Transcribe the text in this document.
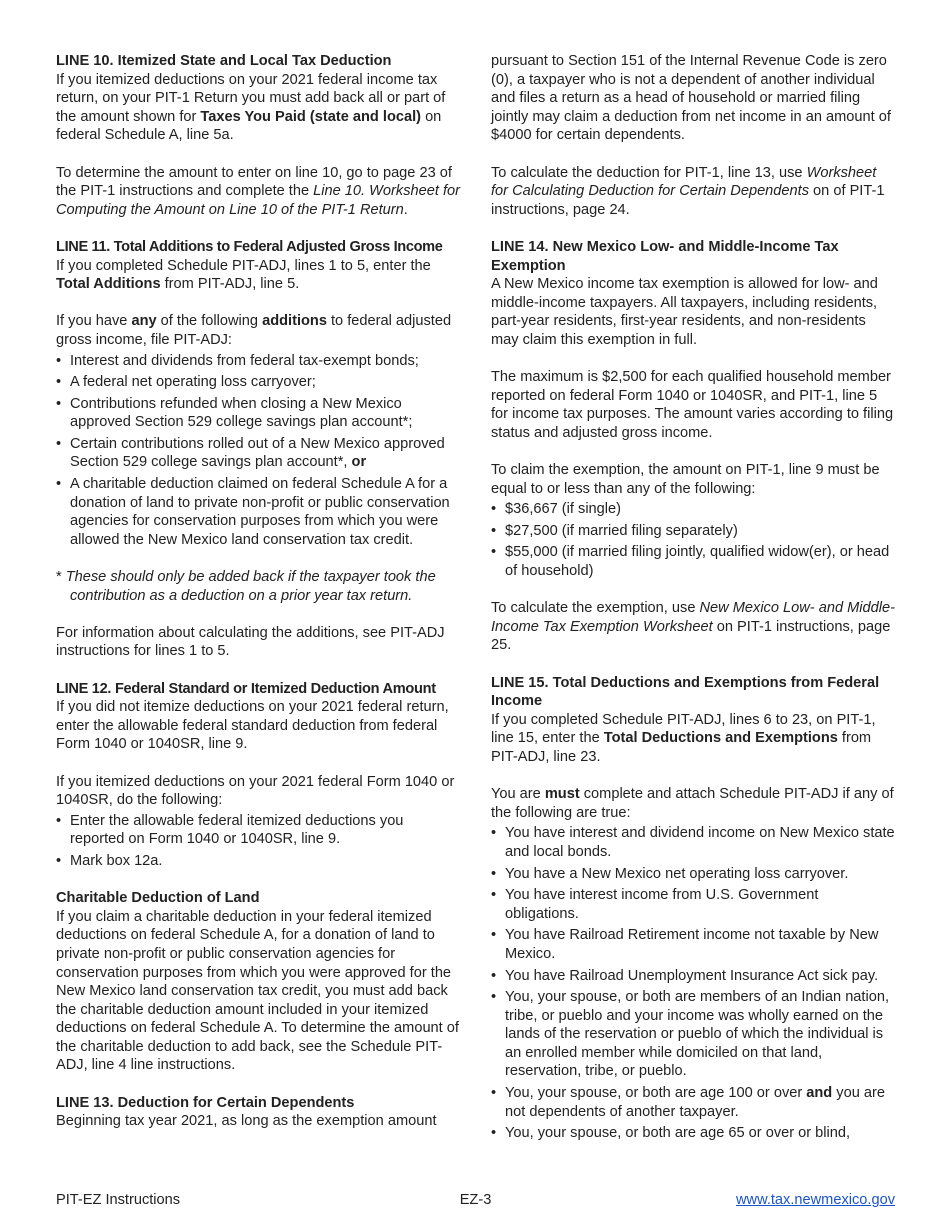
LINE 10. Itemized State and Local Tax Deduction

If you itemized deductions on your 2021 federal income tax return, on your PIT-1 Return you must add back all or part of the amount shown for Taxes You Paid (state and local) on federal Schedule A, line 5a.

To determine the amount to enter on line 10, go to page 23 of the PIT-1 instructions and complete the Line 10. Worksheet for Computing the Amount on Line 10 of the PIT-1 Return.

LINE 11. Total Additions to Federal Adjusted Gross Income

If you completed Schedule PIT-ADJ, lines 1 to 5, enter the Total Additions from PIT-ADJ, line 5.

If you have any of the following additions to federal adjusted gross income, file PIT-ADJ:

• Interest and dividends from federal tax-exempt bonds;
• A federal net operating loss carryover;
• Contributions refunded when closing a New Mexico approved Section 529 college savings plan account*;
• Certain contributions rolled out of a New Mexico approved Section 529 college savings plan account*, or
• A charitable deduction claimed on federal Schedule A for a donation of land to private non-profit or public conservation agencies for conservation purposes from which you were allowed the New Mexico land conservation tax credit.

* These should only be added back if the taxpayer took the contribution as a deduction on a prior year tax return.

For information about calculating the additions, see PIT-ADJ instructions for lines 1 to 5.

LINE 12. Federal Standard or Itemized Deduction Amount

If you did not itemize deductions on your 2021 federal return, enter the allowable federal standard deduction from federal Form 1040 or 1040SR, line 9.

If you itemized deductions on your 2021 federal Form 1040 or 1040SR, do the following:

• Enter the allowable federal itemized deductions you reported on Form 1040 or 1040SR, line 9.
• Mark box 12a.

Charitable Deduction of Land

If you claim a charitable deduction in your federal itemized deductions on federal Schedule A, for a donation of land to private non-profit or public conservation agencies for conservation purposes from which you were approved for the New Mexico land conservation tax credit, you must add back the charitable deduction amount included in your itemized deductions on federal Schedule A. To determine the amount of the charitable deduction to add back, see the Schedule PIT-ADJ, line 4 line instructions.

LINE 13. Deduction for Certain Dependents

Beginning tax year 2021, as long as the exemption amount

pursuant to Section 151 of the Internal Revenue Code is zero (0), a taxpayer who is not a dependent of another individual and files a return as a head of household or married filing jointly may claim a deduction from net income in an amount of $4000 for certain dependents.

To calculate the deduction for PIT-1, line 13, use Worksheet for Calculating Deduction for Certain Dependents on of PIT-1 instructions, page 24.

LINE 14. New Mexico Low- and Middle-Income Tax Exemption

A New Mexico income tax exemption is allowed for low- and middle-income taxpayers. All taxpayers, including residents, part-year residents, first-year residents, and non-residents may claim this exemption in full.

The maximum is $2,500 for each qualified household member reported on federal Form 1040 or 1040SR, and PIT-1, line 5 for income tax purposes. The amount varies according to filing status and adjusted gross income.

To claim the exemption, the amount on PIT-1, line 9 must be equal to or less than any of the following:

• $36,667 (if single)
• $27,500 (if married filing separately)
• $55,000 (if married filing jointly, qualified widow(er), or head of household)

To calculate the exemption, use New Mexico Low- and Middle-Income Tax Exemption Worksheet on PIT-1 instructions, page 25.

LINE 15. Total Deductions and Exemptions from Federal Income

If you completed Schedule PIT-ADJ, lines 6 to 23, on PIT-1, line 15, enter the Total Deductions and Exemptions from PIT-ADJ, line 23.

You are must complete and attach Schedule PIT-ADJ if any of the following are true:

• You have interest and dividend income on New Mexico state and local bonds.
• You have a New Mexico net operating loss carryover.
• You have interest income from U.S. Government obligations.
• You have Railroad Retirement income not taxable by New Mexico.
• You have Railroad Unemployment Insurance Act sick pay.
• You, your spouse, or both are members of an Indian nation, tribe, or pueblo and your income was wholly earned on the lands of the reservation or pueblo of which the individual is an enrolled member while domiciled on that land, reservation, tribe, or pueblo.
• You, your spouse, or both are age 100 or over and you are not dependents of another taxpayer.
• You, your spouse, or both are age 65 or over or blind,
PIT-EZ Instructions	EZ-3	www.tax.newmexico.gov
